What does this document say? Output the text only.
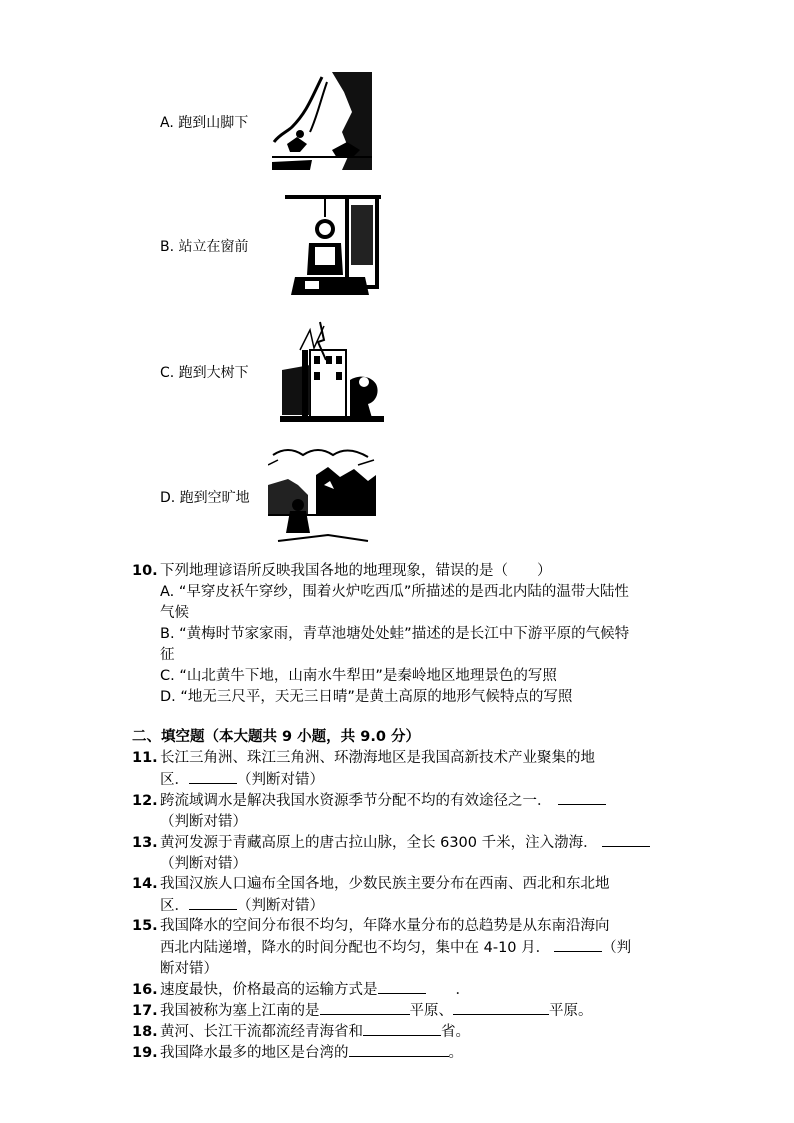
A. 跑到山脚下
B. 站立在窗前
C. 跑到大树下
D. 跑到空旷地
10. 下列地理谚语所反映我国各地的地理现象，错误的是（　　）
A. “早穿皮袄午穿纱，围着火炉吃西瓜”所描述的是西北内陆的温带大陆性
气候
B. “黄梅时节家家雨，青草池塘处处蛙”描述的是长江中下游平原的气候特
征
C. “山北黄牛下地，山南水牛犁田”是秦岭地区地理景色的写照
D. “地无三尺平，天无三日晴”是黄土高原的地形气候特点的写照
二、填空题（本大题共 9 小题，共 9.0 分）
11. 长江三角洲、珠江三角洲、环渤海地区是我国高新技术产业聚集的地
区．	（判断对错）
12. 跨流域调水是解决我国水资源季节分配不均的有效途径之一．
（判断对错）
13. 黄河发源于青藏高原上的唐古拉山脉，全长 6300 千米，注入渤海．
（判断对错）
14. 我国汉族人口遍布全国各地，少数民族主要分布在西南、西北和东北地
区．	（判断对错）
15. 我国降水的空间分布很不均匀，年降水量分布的总趋势是从东南沿海向
西北内陆递增，降水的时间分配也不均匀，集中在 4-10 月．	（判
断对错）
16. 速度最快，价格最高的运输方式是	．
17. 我国被称为塞上江南的是	平原、	平原。
18. 黄河、长江干流都流经青海省和	省。
19. 我国降水最多的地区是台湾的	。
